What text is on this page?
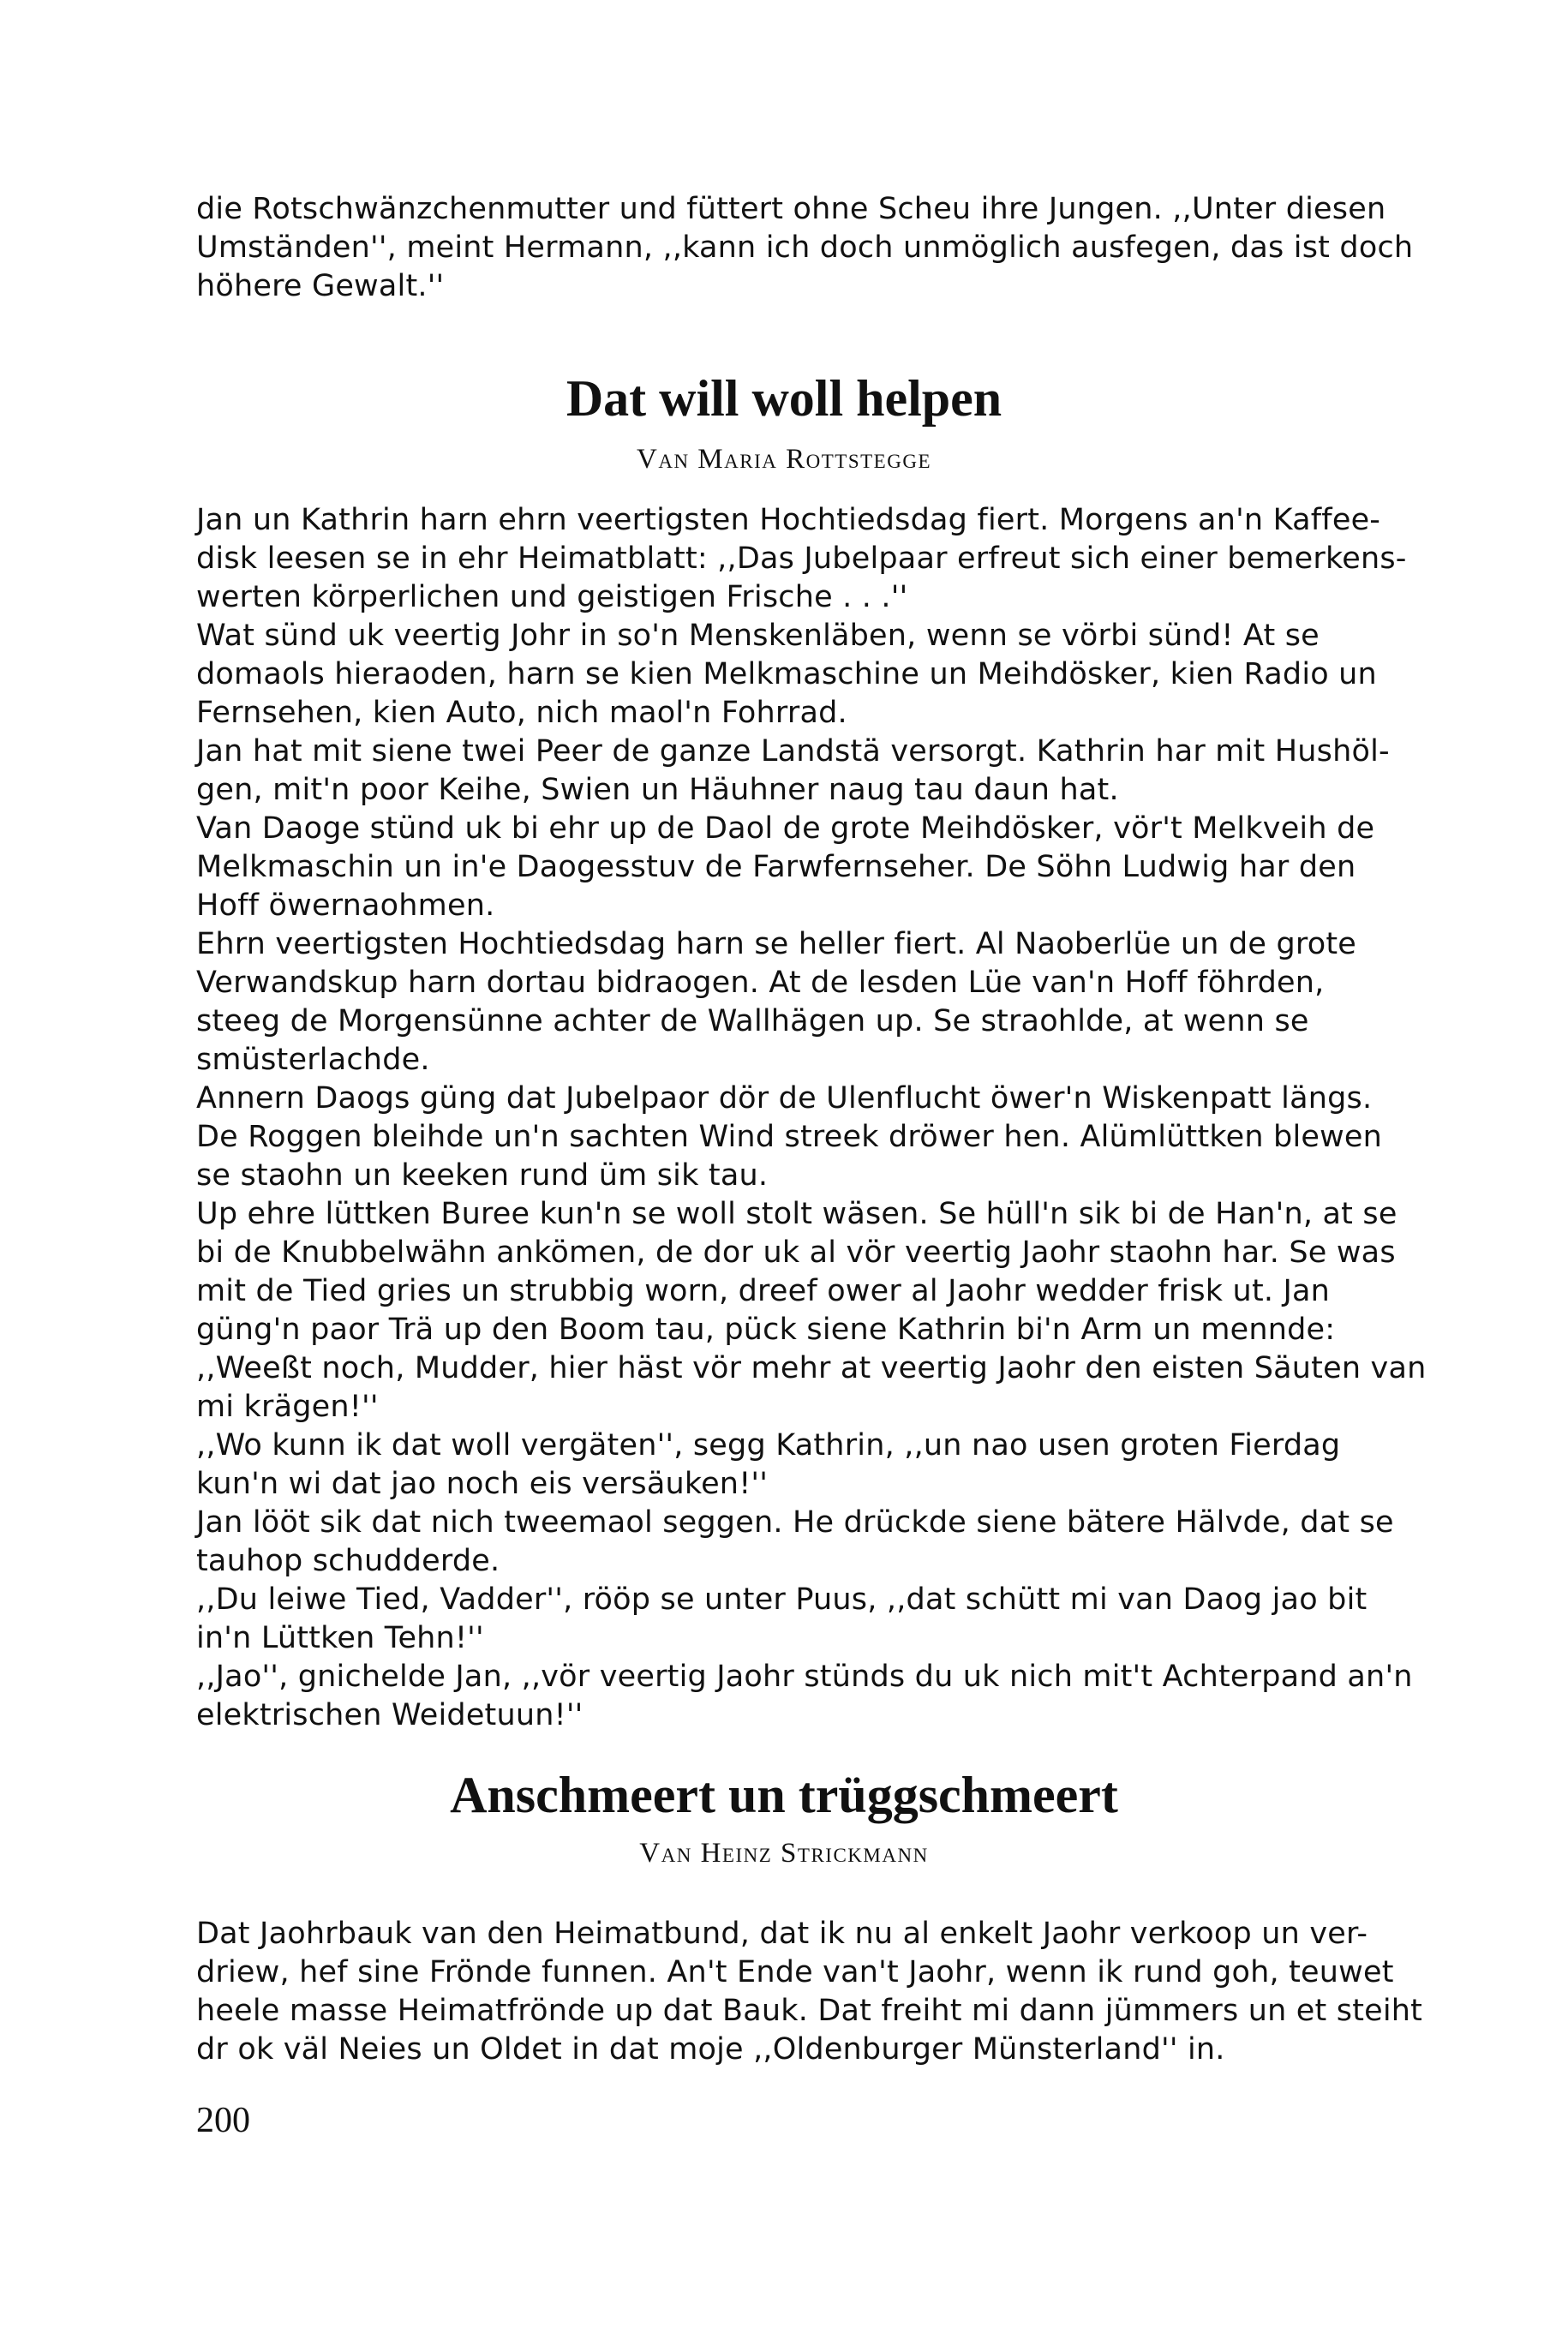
die Rotschwänzchenmutter und füttert ohne Scheu ihre Jungen. ,,Unter diesen
Umständen'', meint Hermann, ,,kann ich doch unmöglich ausfegen, das ist doch
höhere Gewalt.''
Dat will woll helpen
Van Maria Rottstegge
Jan un Kathrin harn ehrn veertigsten Hochtiedsdag fiert. Morgens an'n Kaffee-
disk leesen se in ehr Heimatblatt: ,,Das Jubelpaar erfreut sich einer bemerkens-
werten körperlichen und geistigen Frische . . .''
Wat sünd uk veertig Johr in so'n Menskenläben, wenn se vörbi sünd! At se
domaols hieraoden, harn se kien Melkmaschine un Meihdösker, kien Radio un
Fernsehen, kien Auto, nich maol'n Fohrrad.
Jan hat mit siene twei Peer de ganze Landstä versorgt. Kathrin har mit Hushöl-
gen, mit'n poor Keihe, Swien un Häuhner naug tau daun hat.
Van Daoge stünd uk bi ehr up de Daol de grote Meihdösker, vör't Melkveih de
Melkmaschin un in'e Daogesstuv de Farwfernseher. De Söhn Ludwig har den
Hoff öwernaohmen.
Ehrn veertigsten Hochtiedsdag harn se heller fiert. Al Naoberlüe un de grote
Verwandskup harn dortau bidraogen. At de lesden Lüe van'n Hoff föhrden,
steeg de Morgensünne achter de Wallhägen up. Se straohlde, at wenn se
smüsterlachde.
Annern Daogs güng dat Jubelpaor dör de Ulenflucht öwer'n Wiskenpatt längs.
De Roggen bleihde un'n sachten Wind streek dröwer hen. Alümlüttken blewen
se staohn un keeken rund üm sik tau.
Up ehre lüttken Buree kun'n se woll stolt wäsen. Se hüll'n sik bi de Han'n, at se
bi de Knubbelwähn ankömen, de dor uk al vör veertig Jaohr staohn har. Se was
mit de Tied gries un strubbig worn, dreef ower al Jaohr wedder frisk ut. Jan
güng'n paor Trä up den Boom tau, pück siene Kathrin bi'n Arm un mennde:
,,Weeßt noch, Mudder, hier häst vör mehr at veertig Jaohr den eisten Säuten van
mi krägen!''
,,Wo kunn ik dat woll vergäten'', segg Kathrin, ,,un nao usen groten Fierdag
kun'n wi dat jao noch eis versäuken!''
Jan lööt sik dat nich tweemaol seggen. He drückde siene bätere Hälvde, dat se
tauhop schudderde.
,,Du leiwe Tied, Vadder'', rööp se unter Puus, ,,dat schütt mi van Daog jao bit
in'n Lüttken Tehn!''
,,Jao'', gnichelde Jan, ,,vör veertig Jaohr stünds du uk nich mit't Achterpand an'n
elektrischen Weidetuun!''
Anschmeert un trüggschmeert
Van Heinz Strickmann
Dat Jaohrbauk van den Heimatbund, dat ik nu al enkelt Jaohr verkoop un ver-
driew, hef sine Frönde funnen. An't Ende van't Jaohr, wenn ik rund goh, teuwet
heele masse Heimatfrönde up dat Bauk. Dat freiht mi dann jümmers un et steiht
dr ok väl Neies un Oldet in dat moje ,,Oldenburger Münsterland'' in.
200
